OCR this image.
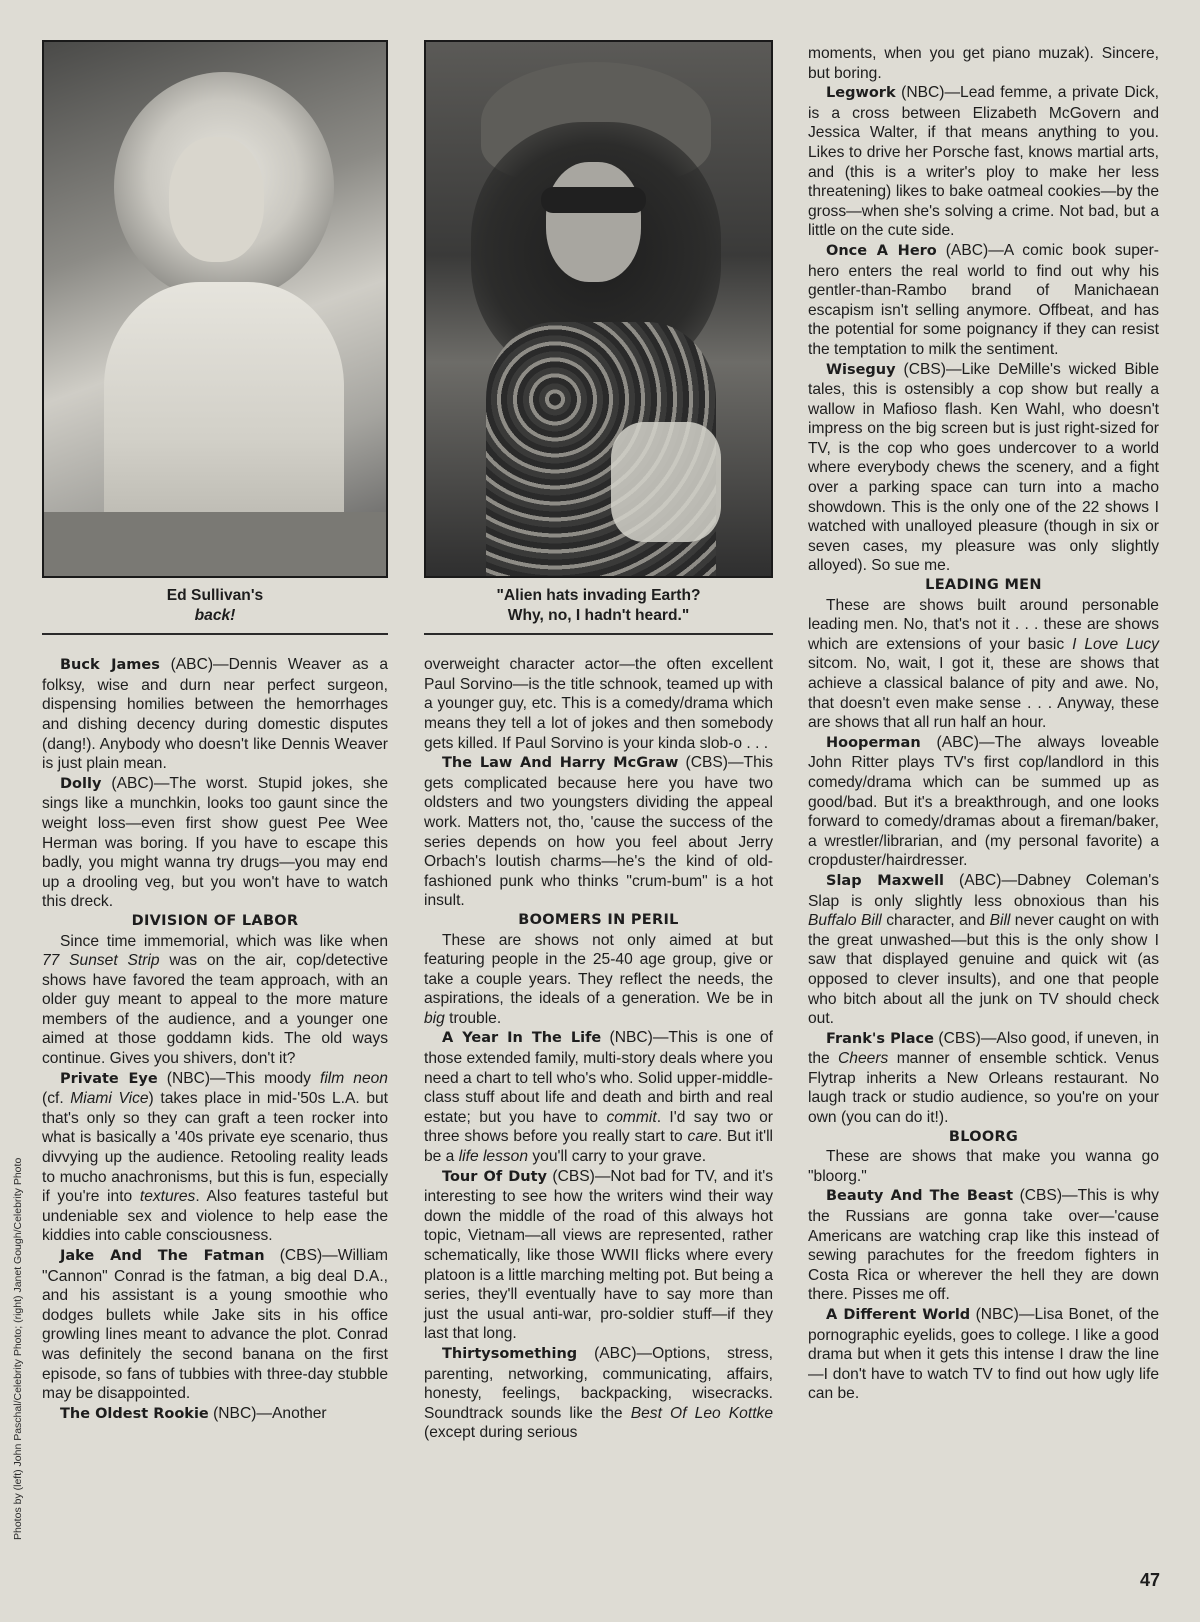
Photos by (left) John Paschal/Celebrity Photo; (right) Janet Gough/Celebrity Photo
Ed Sullivan's
back!

Buck James (ABC)—Dennis Weaver as a folksy, wise and durn near perfect surgeon, dispensing homilies between the hemorrhages and dishing decency during domestic disputes (dang!). Anybody who doesn't like Dennis Weaver is just plain mean.

Dolly (ABC)—The worst. Stupid jokes, she sings like a munchkin, looks too gaunt since the weight loss—even first show guest Pee Wee Herman was boring. If you have to escape this badly, you might wanna try drugs—you may end up a drooling veg, but you won't have to watch this dreck.

DIVISION OF LABOR

Since time immemorial, which was like when 77 Sunset Strip was on the air, cop/detective shows have favored the team approach, with an older guy meant to appeal to the more mature members of the audience, and a younger one aimed at those goddamn kids. The old ways continue. Gives you shivers, don't it?

Private Eye (NBC)—This moody film neon (cf. Miami Vice) takes place in mid-'50s L.A. but that's only so they can graft a teen rocker into what is basically a '40s private eye scenario, thus divvying up the audience. Retooling reality leads to mucho anachronisms, but this is fun, especially if you're into textures. Also features tasteful but undeniable sex and violence to help ease the kiddies into cable consciousness.

Jake And The Fatman (CBS)—William "Cannon" Conrad is the fatman, a big deal D.A., and his assistant is a young smoothie who dodges bullets while Jake sits in his office growling lines meant to advance the plot. Conrad was definitely the second banana on the first episode, so fans of tubbies with three-day stubble may be disappointed.

The Oldest Rookie (NBC)—Another

"Alien hats invading Earth?
Why, no, I hadn't heard."

overweight character actor—the often excellent Paul Sorvino—is the title schnook, teamed up with a younger guy, etc. This is a comedy/drama which means they tell a lot of jokes and then somebody gets killed. If Paul Sorvino is your kinda slob-o . . .

The Law And Harry McGraw (CBS)—This gets complicated because here you have two oldsters and two youngsters dividing the appeal work. Matters not, tho, 'cause the success of the series depends on how you feel about Jerry Orbach's loutish charms—he's the kind of old-fashioned punk who thinks "crum-bum" is a hot insult.

BOOMERS IN PERIL

These are shows not only aimed at but featuring people in the 25-40 age group, give or take a couple years. They reflect the needs, the aspirations, the ideals of a generation. We be in big trouble.

A Year In The Life (NBC)—This is one of those extended family, multi-story deals where you need a chart to tell who's who. Solid upper-middle-class stuff about life and death and birth and real estate; but you have to commit. I'd say two or three shows before you really start to care. But it'll be a life lesson you'll carry to your grave.

Tour Of Duty (CBS)—Not bad for TV, and it's interesting to see how the writers wind their way down the middle of the road of this always hot topic, Vietnam—all views are represented, rather schematically, like those WWII flicks where every platoon is a little marching melting pot. But being a series, they'll eventually have to say more than just the usual anti-war, pro-soldier stuff—if they last that long.

Thirtysomething (ABC)—Options, stress, parenting, networking, communicating, affairs, honesty, feelings, backpacking, wisecracks. Soundtrack sounds like the Best Of Leo Kottke (except during serious

moments, when you get piano muzak). Sincere, but boring.

Legwork (NBC)—Lead femme, a private Dick, is a cross between Elizabeth McGovern and Jessica Walter, if that means anything to you. Likes to drive her Porsche fast, knows martial arts, and (this is a writer's ploy to make her less threatening) likes to bake oatmeal cookies—by the gross—when she's solving a crime. Not bad, but a little on the cute side.

Once A Hero (ABC)—A comic book super-hero enters the real world to find out why his gentler-than-Rambo brand of Manichaean escapism isn't selling anymore. Offbeat, and has the potential for some poignancy if they can resist the temptation to milk the sentiment.

Wiseguy (CBS)—Like DeMille's wicked Bible tales, this is ostensibly a cop show but really a wallow in Mafioso flash. Ken Wahl, who doesn't impress on the big screen but is just right-sized for TV, is the cop who goes undercover to a world where everybody chews the scenery, and a fight over a parking space can turn into a macho showdown. This is the only one of the 22 shows I watched with unalloyed pleasure (though in six or seven cases, my pleasure was only slightly alloyed). So sue me.

LEADING MEN

These are shows built around personable leading men. No, that's not it . . . these are shows which are extensions of your basic I Love Lucy sitcom. No, wait, I got it, these are shows that achieve a classical balance of pity and awe. No, that doesn't even make sense . . . Anyway, these are shows that all run half an hour.

Hooperman (ABC)—The always loveable John Ritter plays TV's first cop/landlord in this comedy/drama which can be summed up as good/bad. But it's a breakthrough, and one looks forward to comedy/dramas about a fireman/baker, a wrestler/librarian, and (my personal favorite) a cropduster/hairdresser.

Slap Maxwell (ABC)—Dabney Coleman's Slap is only slightly less obnoxious than his Buffalo Bill character, and Bill never caught on with the great unwashed—but this is the only show I saw that displayed genuine and quick wit (as opposed to clever insults), and one that people who bitch about all the junk on TV should check out.

Frank's Place (CBS)—Also good, if uneven, in the Cheers manner of ensemble schtick. Venus Flytrap inherits a New Orleans restaurant. No laugh track or studio audience, so you're on your own (you can do it!).

BLOORG

These are shows that make you wanna go "bloorg."

Beauty And The Beast (CBS)—This is why the Russians are gonna take over—'cause Americans are watching crap like this instead of sewing parachutes for the freedom fighters in Costa Rica or wherever the hell they are down there. Pisses me off.

A Different World (NBC)—Lisa Bonet, of the pornographic eyelids, goes to college. I like a good drama but when it gets this intense I draw the line—I don't have to watch TV to find out how ugly life can be.

47
